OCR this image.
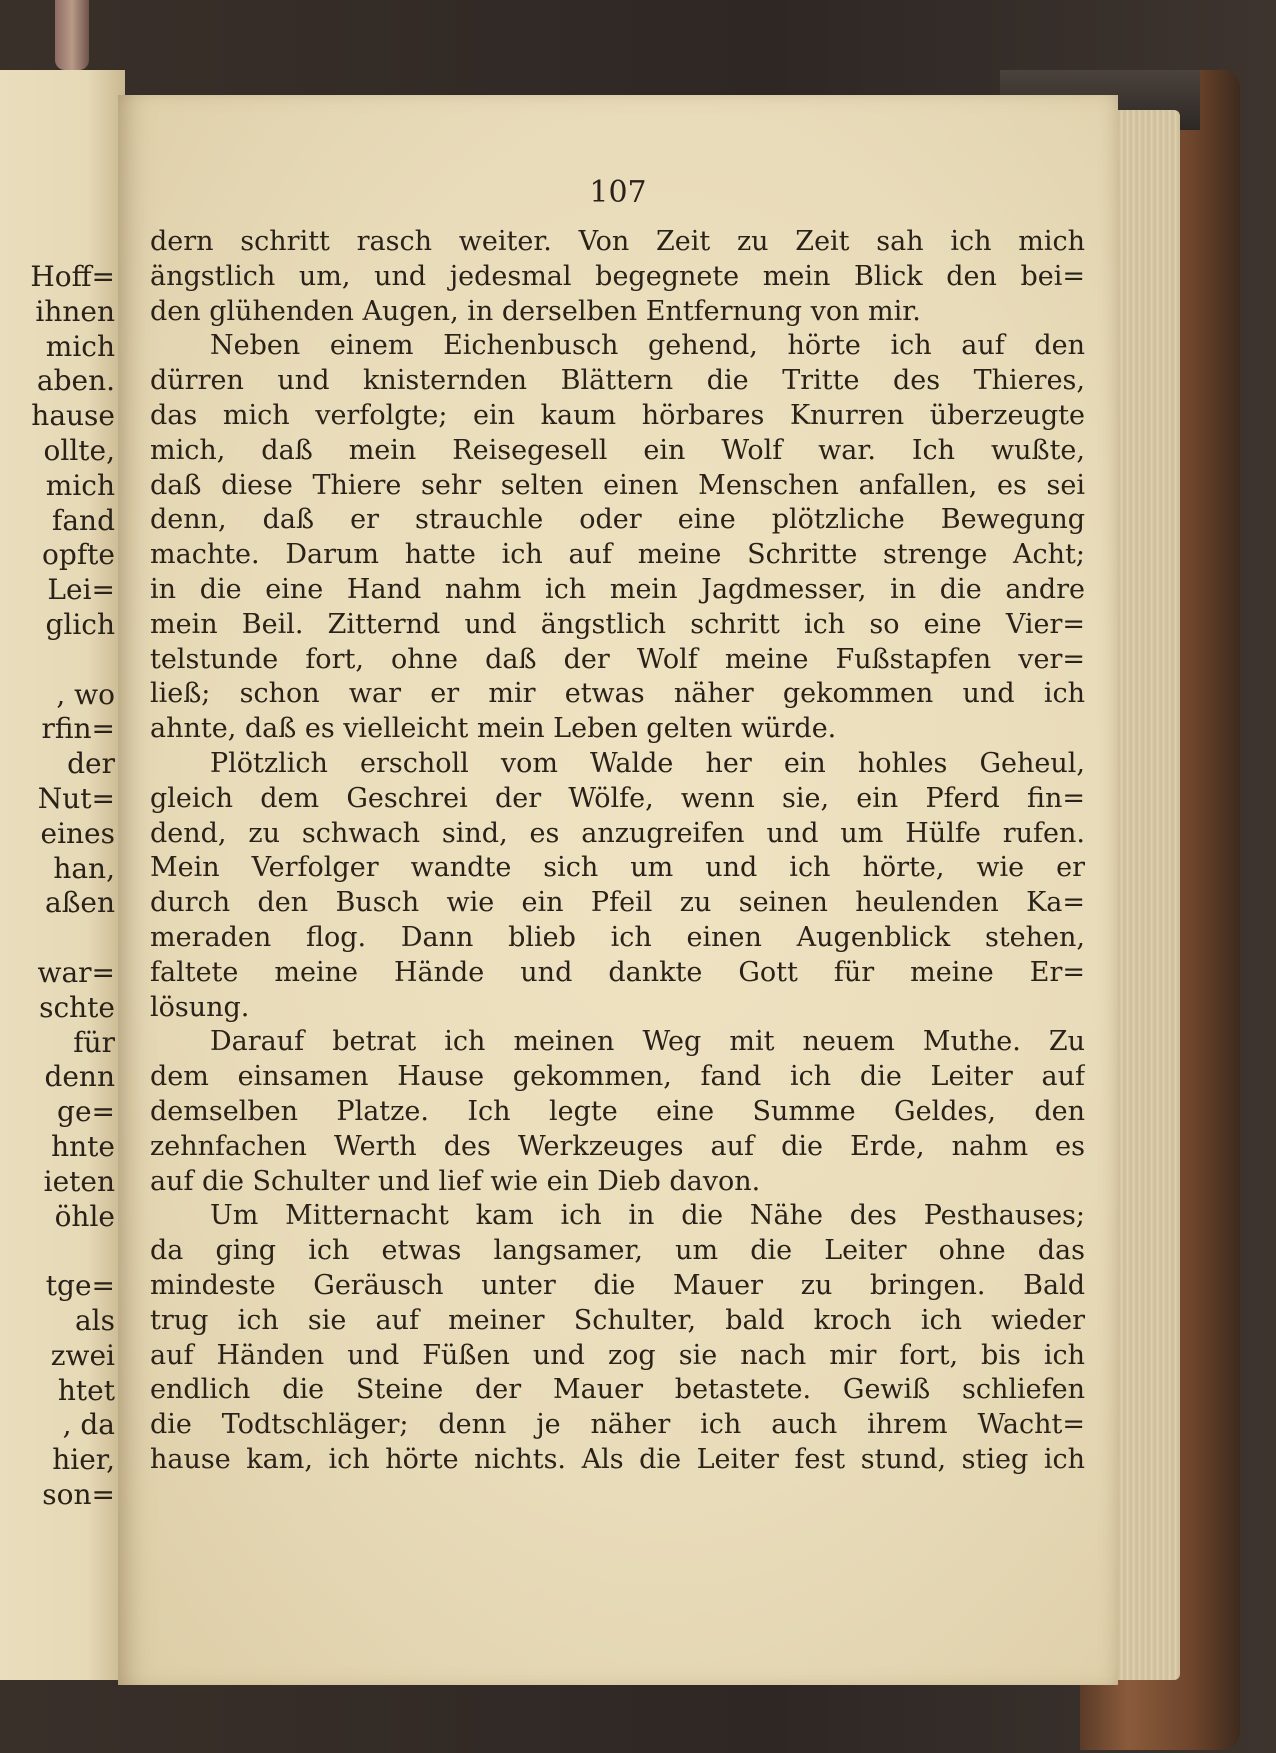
Hoff=
ihnen
mich
aben.
hause
ollte,
mich
fand
opfte
Lei=
glich
, wo
rfin=
der
Nut=
eines
han,
aßen
war=
schte
für
denn
ge=
hnte
ieten
öhle
tge=
als
zwei
htet
, da
hier,
son=
107
dern schritt rasch weiter. Von Zeit zu Zeit sah ich mich
ängstlich um, und jedesmal begegnete mein Blick den bei=
den glühenden Augen, in derselben Entfernung von mir.
Neben einem Eichenbusch gehend, hörte ich auf den
dürren und knisternden Blättern die Tritte des Thieres,
das mich verfolgte; ein kaum hörbares Knurren überzeugte
mich, daß mein Reisegesell ein Wolf war. Ich wußte,
daß diese Thiere sehr selten einen Menschen anfallen, es sei
denn, daß er strauchle oder eine plötzliche Bewegung
machte. Darum hatte ich auf meine Schritte strenge Acht;
in die eine Hand nahm ich mein Jagdmesser, in die andre
mein Beil. Zitternd und ängstlich schritt ich so eine Vier=
telstunde fort, ohne daß der Wolf meine Fußstapfen ver=
ließ; schon war er mir etwas näher gekommen und ich
ahnte, daß es vielleicht mein Leben gelten würde.
Plötzlich erscholl vom Walde her ein hohles Geheul,
gleich dem Geschrei der Wölfe, wenn sie, ein Pferd fin=
dend, zu schwach sind, es anzugreifen und um Hülfe rufen.
Mein Verfolger wandte sich um und ich hörte, wie er
durch den Busch wie ein Pfeil zu seinen heulenden Ka=
meraden flog. Dann blieb ich einen Augenblick stehen,
faltete meine Hände und dankte Gott für meine Er=
lösung.
Darauf betrat ich meinen Weg mit neuem Muthe. Zu
dem einsamen Hause gekommen, fand ich die Leiter auf
demselben Platze. Ich legte eine Summe Geldes, den
zehnfachen Werth des Werkzeuges auf die Erde, nahm es
auf die Schulter und lief wie ein Dieb davon.
Um Mitternacht kam ich in die Nähe des Pesthauses;
da ging ich etwas langsamer, um die Leiter ohne das
mindeste Geräusch unter die Mauer zu bringen. Bald
trug ich sie auf meiner Schulter, bald kroch ich wieder
auf Händen und Füßen und zog sie nach mir fort, bis ich
endlich die Steine der Mauer betastete. Gewiß schliefen
die Todtschläger; denn je näher ich auch ihrem Wacht=
hause kam, ich hörte nichts. Als die Leiter fest stund, stieg ich
